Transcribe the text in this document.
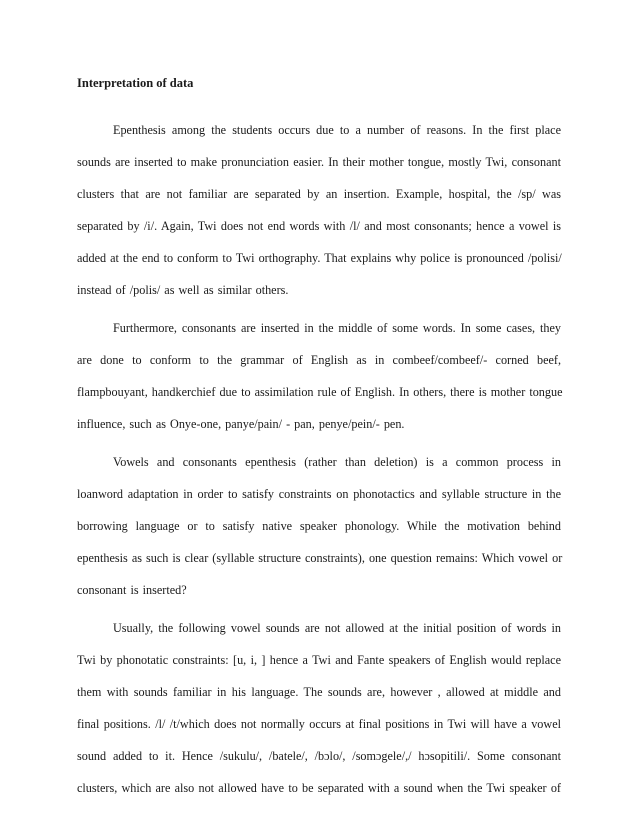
Interpretation of data
Epenthesis among the students occurs due to a number of reasons. In the first place
sounds are inserted to make pronunciation easier. In their mother tongue, mostly Twi, consonant
clusters that are not familiar are separated by an insertion. Example, hospital, the /sp/ was
separated by /i/. Again, Twi does not end words with /l/ and most consonants; hence a vowel is
added at the end to conform to Twi orthography. That explains why police is pronounced /polisi/
instead of /polis/ as well as similar others.
Furthermore, consonants are inserted in the middle of some words. In some cases, they
are done to conform to the grammar of English as in combeef/combeef/- corned beef,
flampbouyant, handkerchief due to assimilation rule of English. In others, there is mother tongue
influence, such as Onye-one, panye/pain/ - pan, penye/pein/- pen.
Vowels and consonants epenthesis (rather than deletion) is a common process in
loanword adaptation in order to satisfy constraints on phonotactics and syllable structure in the
borrowing language or to satisfy native speaker phonology. While the motivation behind
epenthesis as such is clear (syllable structure constraints), one question remains: Which vowel or
consonant is inserted?
Usually, the following vowel sounds are not allowed at the initial position of words in
Twi by phonotatic constraints: [u, i, ] hence a Twi and Fante speakers of English would replace
them with sounds familiar in his language. The sounds are, however , allowed at middle and
final positions. /l/ /t/which does not normally occurs at final positions in Twi will have a vowel
sound added to it. Hence /sukulu/, /batele/, /bɔlo/, /somɔgele/,/ hɔsopitili/. Some consonant
clusters, which are also not allowed have to be separated with a sound when the Twi speaker of
